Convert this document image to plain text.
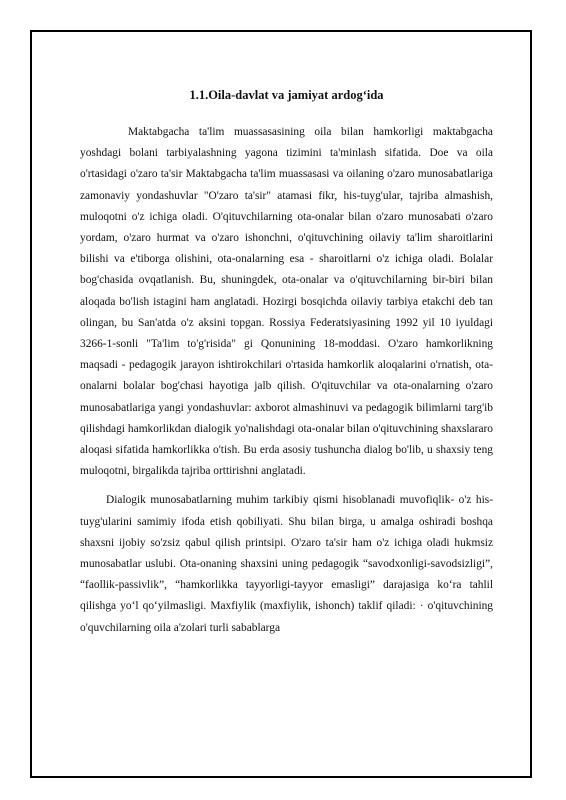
1.1.Oila-davlat va jamiyat ardog‘ida

Maktabgacha ta'lim muassasasining oila bilan hamkorligi maktabgacha yoshdagi bolani tarbiyalashning yagona tizimini ta'minlash sifatida. Doe va oila o'rtasidagi o'zaro ta'sir Maktabgacha ta'lim muassasasi va oilaning o'zaro munosabatlariga zamonaviy yondashuvlar "O'zaro ta'sir" atamasi fikr, his-tuyg'ular, tajriba almashish, muloqotni o'z ichiga oladi. O'qituvchilarning ota-onalar bilan o'zaro munosabati o'zaro yordam, o'zaro hurmat va o'zaro ishonchni, o'qituvchining oilaviy ta'lim sharoitlarini bilishi va e'tiborga olishini, ota-onalarning esa - sharoitlarni o'z ichiga oladi. Bolalar bog'chasida ovqatlanish. Bu, shuningdek, ota-onalar va o'qituvchilarning bir-biri bilan aloqada bo'lish istagini ham anglatadi. Hozirgi bosqichda oilaviy tarbiya etakchi deb tan olingan, bu San'atda o'z aksini topgan. Rossiya Federatsiyasining 1992 yil 10 iyuldagi 3266-1-sonli "Ta'lim to'g'risida" gi Qonunining 18-moddasi. O'zaro hamkorlikning maqsadi - pedagogik jarayon ishtirokchilari o'rtasida hamkorlik aloqalarini o'rnatish, ota-onalarni bolalar bog'chasi hayotiga jalb qilish. O'qituvchilar va ota-onalarning o'zaro munosabatlariga yangi yondashuvlar: axborot almashinuvi va pedagogik bilimlarni targ'ib qilishdagi hamkorlikdan dialogik yo'nalishdagi ota-onalar bilan o'qituvchining shaxslararo aloqasi sifatida hamkorlikka o'tish. Bu erda asosiy tushuncha dialog bo'lib, u shaxsiy teng muloqotni, birgalikda tajriba orttirishni anglatadi.

Dialogik munosabatlarning muhim tarkibiy qismi hisoblanadi muvofiqlik- o'z his-tuyg'ularini samimiy ifoda etish qobiliyati. Shu bilan birga, u amalga oshiradi boshqa shaxsni ijobiy so'zsiz qabul qilish printsipi. O'zaro ta'sir ham o'z ichiga oladi hukmsiz munosabatlar uslubi. Ota-onaning shaxsini uning pedagogik “savodxonligi-savodsizligi”, “faollik-passivlik”, “hamkorlikka tayyorligi-tayyor emasligi” darajasiga ko‘ra tahlil qilishga yo‘l qo‘yilmasligi. Maxfiylik (maxfiylik, ishonch) taklif qiladi: · o'qituvchining o'quvchilarning oila a'zolari turli sabablarga
